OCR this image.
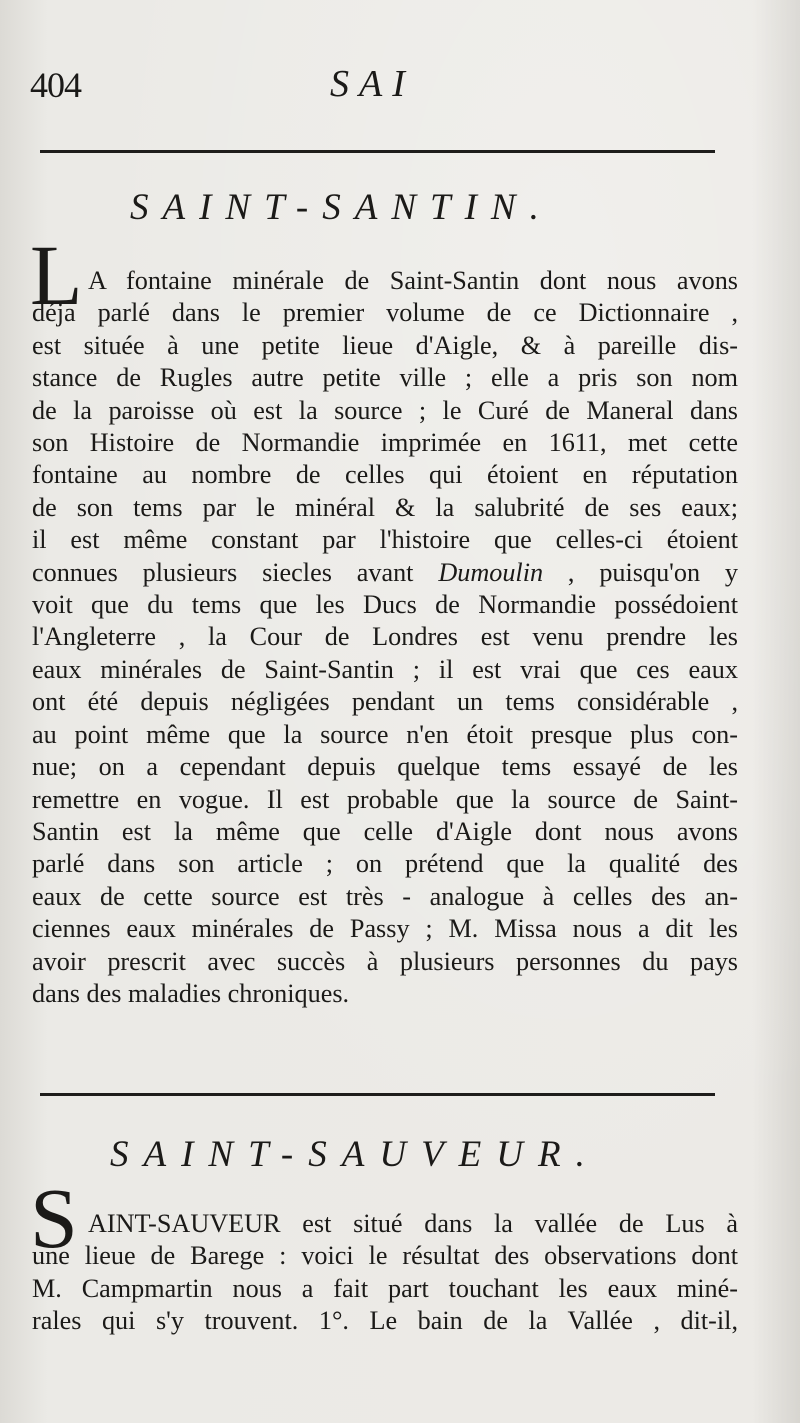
404	SAI
SAINT-SANTIN.
L A fontaine minérale de Saint-Santin dont nous avons
déja parlé dans le premier volume de ce Dictionnaire ,
est située à une petite lieue d'Aigle, & à pareille dis-
stance de Rugles autre petite ville ; elle a pris son nom
de la paroisse où est la source ; le Curé de Maneral dans
son Histoire de Normandie imprimée en 1611, met cette
fontaine au nombre de celles qui étoient en réputation
de son tems par le minéral & la salubrité de ses eaux;
il est même constant par l'histoire que celles-ci étoient
connues plusieurs siecles avant Dumoulin , puisqu'on y
voit que du tems que les Ducs de Normandie possédoient
l'Angleterre , la Cour de Londres est venu prendre les
eaux minérales de Saint-Santin ; il est vrai que ces eaux
ont été depuis négligées pendant un tems considérable ,
au point même que la source n'en étoit presque plus con-
nue; on a cependant depuis quelque tems essayé de les
remettre en vogue. Il est probable que la source de Saint-
Santin est la même que celle d'Aigle dont nous avons
parlé dans son article ; on prétend que la qualité des
eaux de cette source est très - analogue à celles des an-
ciennes eaux minérales de Passy ; M. Missa nous a dit les
avoir prescrit avec succès à plusieurs personnes du pays
dans des maladies chroniques.
SAINT-SAUVEUR.
S AINT-SAUVEUR est situé dans la vallée de Lus à
une lieue de Barege : voici le résultat des observations dont
M. Campmartin nous a fait part touchant les eaux miné-
rales qui s'y trouvent. 1°. Le bain de la Vallée , dit-il,
